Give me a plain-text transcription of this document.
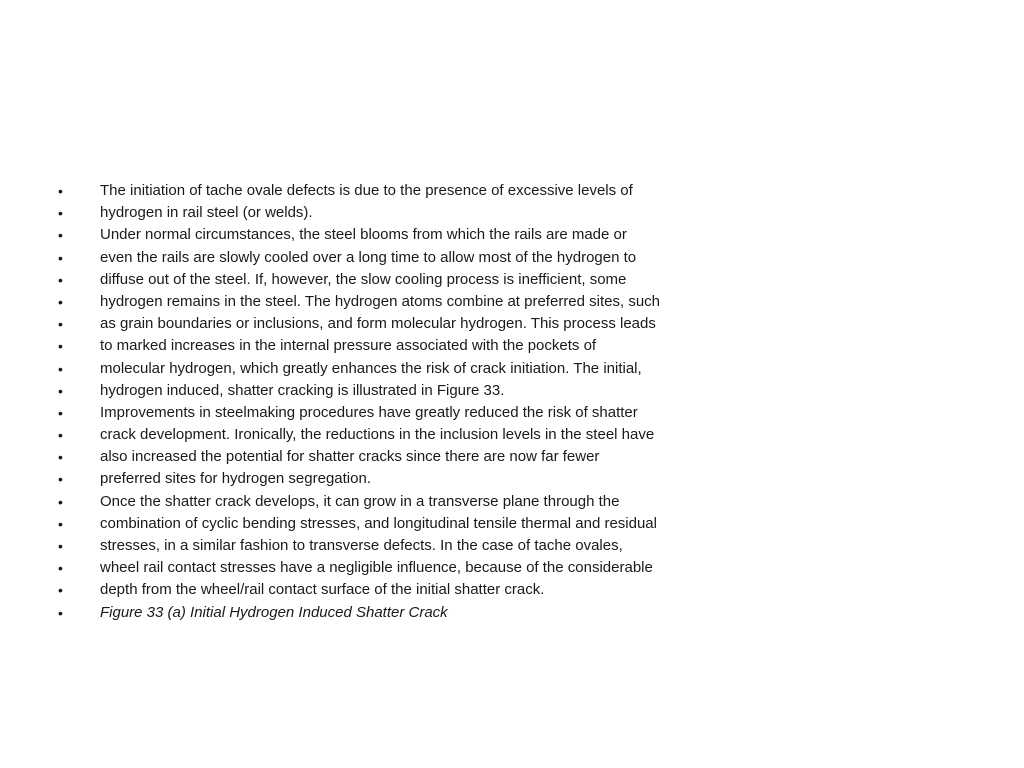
•	The initiation of tache ovale defects is due to the presence of excessive levels of
•	hydrogen in rail steel (or welds).
•	Under normal circumstances, the steel blooms from which the rails are made or
•	even the rails are slowly cooled over a long time to allow most of the hydrogen to
•	diffuse out of the steel. If, however, the slow cooling process is inefficient, some
•	hydrogen remains in the steel. The hydrogen atoms combine at preferred sites, such
•	as grain boundaries or inclusions, and form molecular hydrogen. This process leads
•	to marked increases in the internal pressure associated with the pockets of
•	molecular hydrogen, which greatly enhances the risk of crack initiation. The initial,
•	hydrogen induced, shatter cracking is illustrated in Figure 33.
•	Improvements in steelmaking procedures have greatly reduced the risk of shatter
•	crack development. Ironically, the reductions in the inclusion levels in the steel have
•	also increased the potential for shatter cracks since there are now far fewer
•	preferred sites for hydrogen segregation.
•	Once the shatter crack develops, it can grow in a transverse plane through the
•	combination of cyclic bending stresses, and longitudinal tensile thermal and residual
•	stresses, in a similar fashion to transverse defects. In the case of tache ovales,
•	wheel rail contact stresses have a negligible influence, because of the considerable
•	depth from the wheel/rail contact surface of the initial shatter crack.
•	Figure 33 (a) Initial Hydrogen Induced Shatter Crack
